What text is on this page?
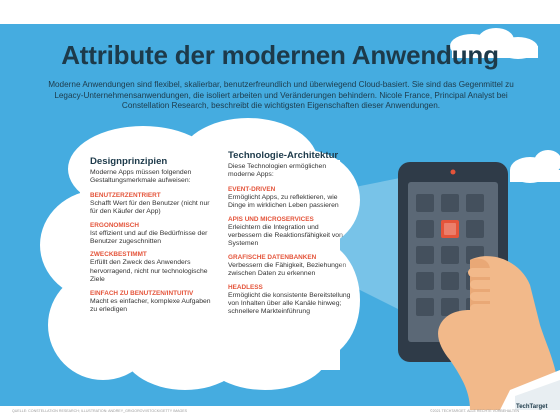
Attribute der modernen Anwendung
Moderne Anwendungen sind flexibel, skalierbar, benutzerfreundlich und überwiegend Cloud-basiert. Sie sind das Gegenmittel zu Legacy-Unternehmensanwendungen, die isoliert arbeiten und Veränderungen behindern. Nicole France, Principal Analyst bei Constellation Research, beschreibt die wichtigsten Eigenschaften dieser Anwendungen.
Designprinzipien
Moderne Apps müssen folgenden Gestaltungsmerkmale aufweisen:
BENUTZERZENTRIERT
Schafft Wert für den Benutzer (nicht nur für den Käufer der App)
ERGONOMISCH
Ist effizient und auf die Bedürfnisse der Benutzer zugeschnitten
ZWECKBESTIMMT
Erfüllt den Zweck des Anwenders hervorragend, nicht nur technologische Ziele
EINFACH ZU BENUTZEN/INTUITIV
Macht es einfacher, komplexe Aufgaben zu erledigen
Technologie-Architektur
Diese Technologien ermöglichen moderne Apps:
EVENT-DRIVEN
Ermöglicht Apps, zu reflektieren, wie Dinge im wirklichen Leben passieren
APIS UND MICROSERVICES
Erleichtern die Integration und verbessern die Reaktionsfähigkeit von Systemen
GRAFISCHE DATENBANKEN
Verbessern die Fähigkeit, Beziehungen zwischen Daten zu erkennen
HEADLESS
Ermöglicht die konsistente Bereitstellung von Inhalten über alle Kanäle hinweg; schnellere Markteinführung
QUELLE: CONSTELLATION RESEARCH; ILLUSTRATION: ANDREY_GRIGOROV/ISTOCK/GETTY IMAGES	©2021 TECHTARGET. ALLE RECHTE VORBEHALTEN
TechTarget
